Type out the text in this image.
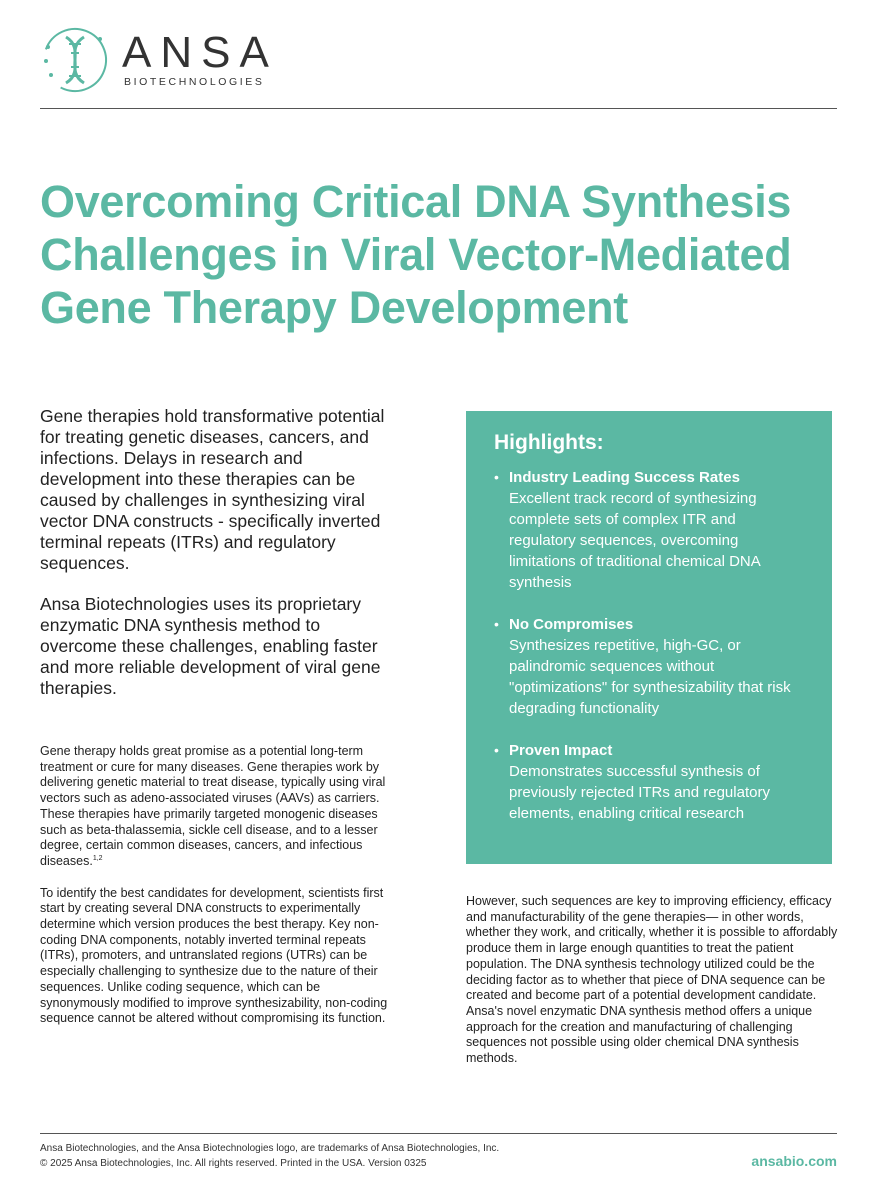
ANSA
BIOTECHNOLOGIES
Overcoming Critical DNA Synthesis Challenges in Viral Vector-Mediated Gene Therapy Development

Gene therapies hold transformative potential for treating genetic diseases, cancers, and infections. Delays in research and development into these therapies can be caused by challenges in synthesizing viral vector DNA constructs - specifically inverted terminal repeats (ITRs) and regulatory sequences.

Ansa Biotechnologies uses its proprietary enzymatic DNA synthesis method to overcome these challenges, enabling faster and more reliable development of viral gene therapies.

Gene therapy holds great promise as a potential long-term treatment or cure for many diseases. Gene therapies work by delivering genetic material to treat disease, typically using viral vectors such as adeno-associated viruses (AAVs) as carriers. These therapies have primarily targeted monogenic diseases such as beta-thalassemia, sickle cell disease, and to a lesser degree, certain common diseases, cancers, and infectious diseases.$^{1,2}$

To identify the best candidates for development, scientists first start by creating several DNA constructs to experimentally determine which version produces the best therapy. Key non-coding DNA components, notably inverted terminal repeats (ITRs), promoters, and untranslated regions (UTRs) can be especially challenging to synthesize due to the nature of their sequences. Unlike coding sequence, which can be synonymously modified to improve synthesizability, non-coding sequence cannot be altered without compromising its function.

Highlights:
• Industry Leading Success Rates
Excellent track record of synthesizing complete sets of complex ITR and regulatory sequences, overcoming limitations of traditional chemical DNA synthesis
• No Compromises
Synthesizes repetitive, high-GC, or palindromic sequences without "optimizations" for synthesizability that risk degrading functionality
• Proven Impact
Demonstrates successful synthesis of previously rejected ITRs and regulatory elements, enabling critical research

However, such sequences are key to improving efficiency, efficacy and manufacturability of the gene therapies— in other words, whether they work, and critically, whether it is possible to affordably produce them in large enough quantities to treat the patient population. The DNA synthesis technology utilized could be the deciding factor as to whether that piece of DNA sequence can be created and become part of a potential development candidate. Ansa's novel enzymatic DNA synthesis method offers a unique approach for the creation and manufacturing of challenging sequences not possible using older chemical DNA synthesis methods.

Ansa Biotechnologies, and the Ansa Biotechnologies logo, are trademarks of Ansa Biotechnologies, Inc.
© 2025 Ansa Biotechnologies, Inc. All rights reserved. Printed in the USA. Version 0325	ansabio.com
